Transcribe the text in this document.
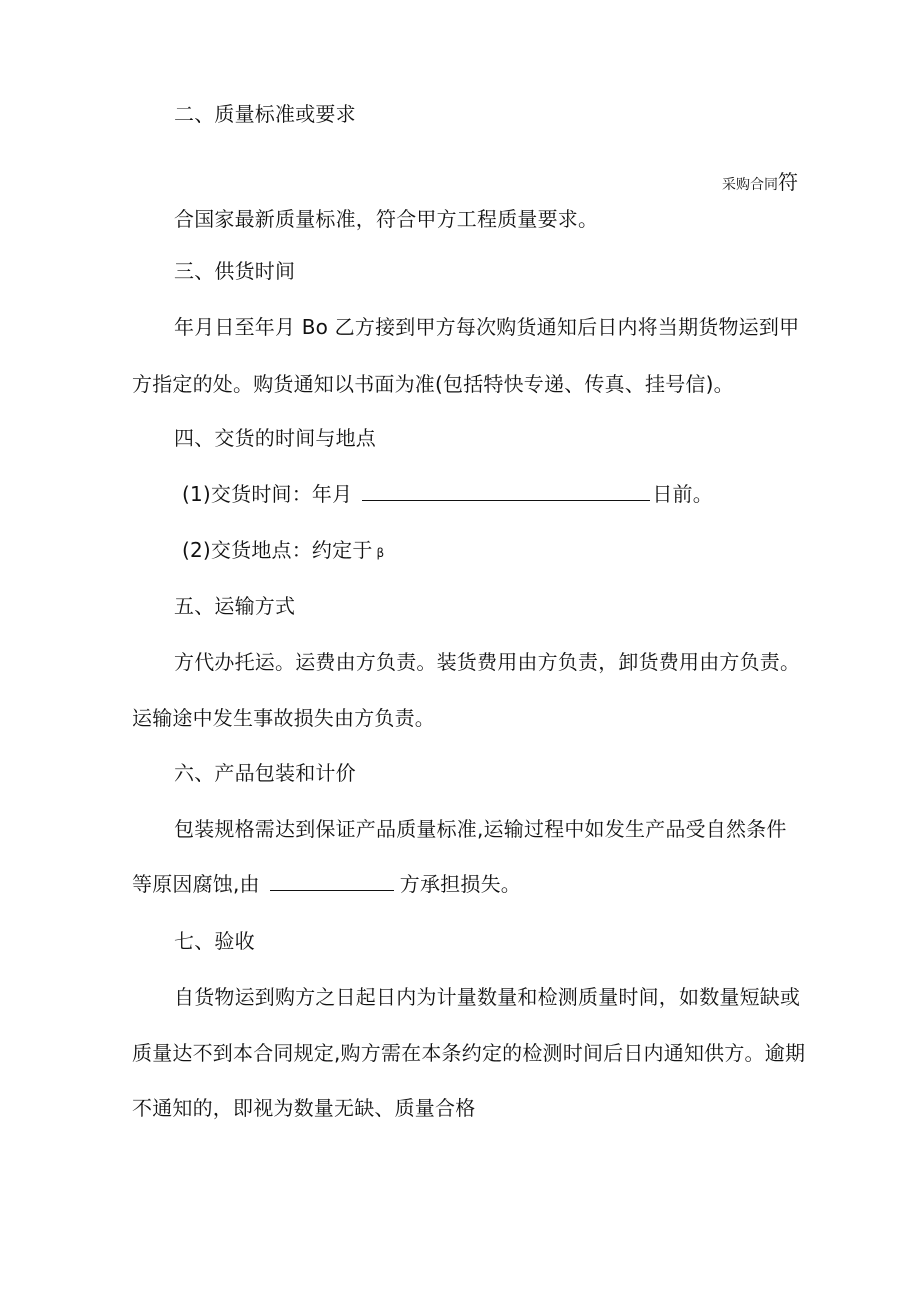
二、质量标准或要求
采购合同符
合国家最新质量标准，符合甲方工程质量要求。
三、供货时间
年月日至年月 Bo 乙方接到甲方每次购货通知后日内将当期货物运到甲
方指定的处。购货通知以书面为准(包括特快专递、传真、挂号信)。
四、交货的时间与地点
(1)交货时间：年月	日前。
(2)交货地点：约定于 β
五、运输方式
方代办托运。运费由方负责。装货费用由方负责，卸货费用由方负责。
运输途中发生事故损失由方负责。
六、产品包装和计价
包装规格需达到保证产品质量标准,运输过程中如发生产品受自然条件
等原因腐蚀,由	方承担损失。
七、验收
自货物运到购方之日起日内为计量数量和检测质量时间，如数量短缺或
质量达不到本合同规定,购方需在本条约定的检测时间后日内通知供方。逾期
不通知的，即视为数量无缺、质量合格
